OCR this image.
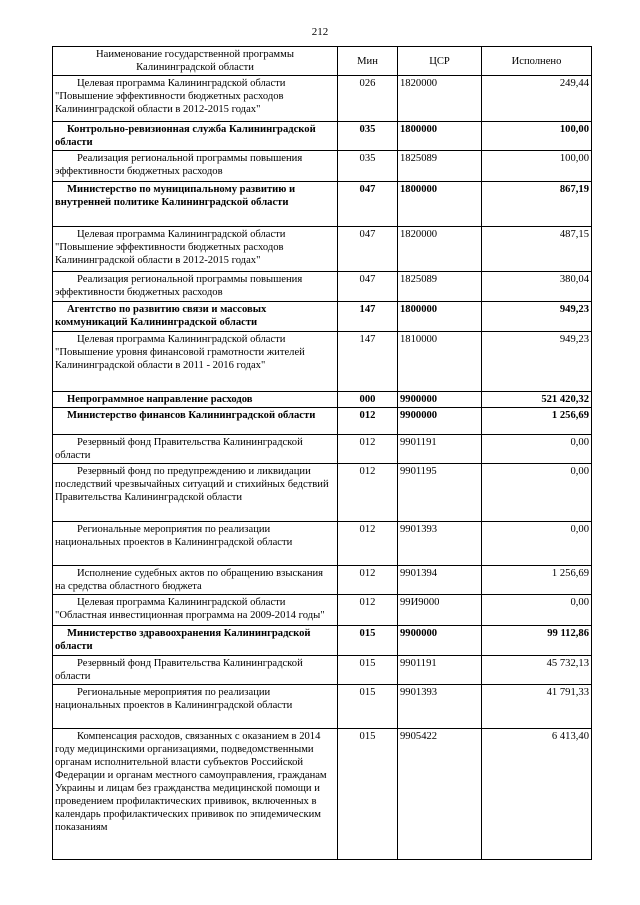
212
Наименование государственной программы Калининградской области	Мин	ЦСР	Исполнено
Целевая программа Калининградской области "Повышение эффективности бюджетных расходов Калининградской области в 2012-2015 годах"	026	1820000	249,44
Контрольно-ревизионная служба Калининградской области	035	1800000	100,00
Реализация региональной программы повышения эффективности бюджетных расходов	035	1825089	100,00
Министерство по муниципальному развитию и внутренней политике Калининградской области	047	1800000	867,19
Целевая программа Калининградской области "Повышение эффективности бюджетных расходов Калининградской области в 2012-2015 годах"	047	1820000	487,15
Реализация региональной программы повышения эффективности бюджетных расходов	047	1825089	380,04
Агентство по развитию связи и массовых коммуникаций Калининградской области	147	1800000	949,23
Целевая программа Калининградской области "Повышение уровня финансовой грамотности жителей Калининградской области в 2011 - 2016 годах"	147	1810000	949,23
Непрограммное направление расходов	000	9900000	521 420,32
Министерство финансов Калининградской области	012	9900000	1 256,69
Резервный фонд Правительства Калининградской области	012	9901191	0,00
Резервный фонд по предупреждению и ликвидации последствий чрезвычайных ситуаций и стихийных бедствий Правительства Калининградской области	012	9901195	0,00
Региональные мероприятия по реализации национальных проектов в Калининградской области	012	9901393	0,00
Исполнение судебных актов по обращению взыскания на средства областного бюджета	012	9901394	1 256,69
Целевая программа Калининградской области "Областная инвестиционная программа на 2009-2014 годы"	012	99И9000	0,00
Министерство здравоохранения Калининградской области	015	9900000	99 112,86
Резервный фонд Правительства Калининградской области	015	9901191	45 732,13
Региональные мероприятия по реализации национальных проектов в Калининградской области	015	9901393	41 791,33
Компенсация расходов, связанных с оказанием в 2014 году медицинскими организациями, подведомственными органам исполнительной власти субъектов Российской Федерации и органам местного самоуправления, гражданам Украины и лицам без гражданства медицинской помощи и проведением профилактических прививок, включенных в календарь профилактических прививок по эпидемическим показаниям	015	9905422	6 413,40
